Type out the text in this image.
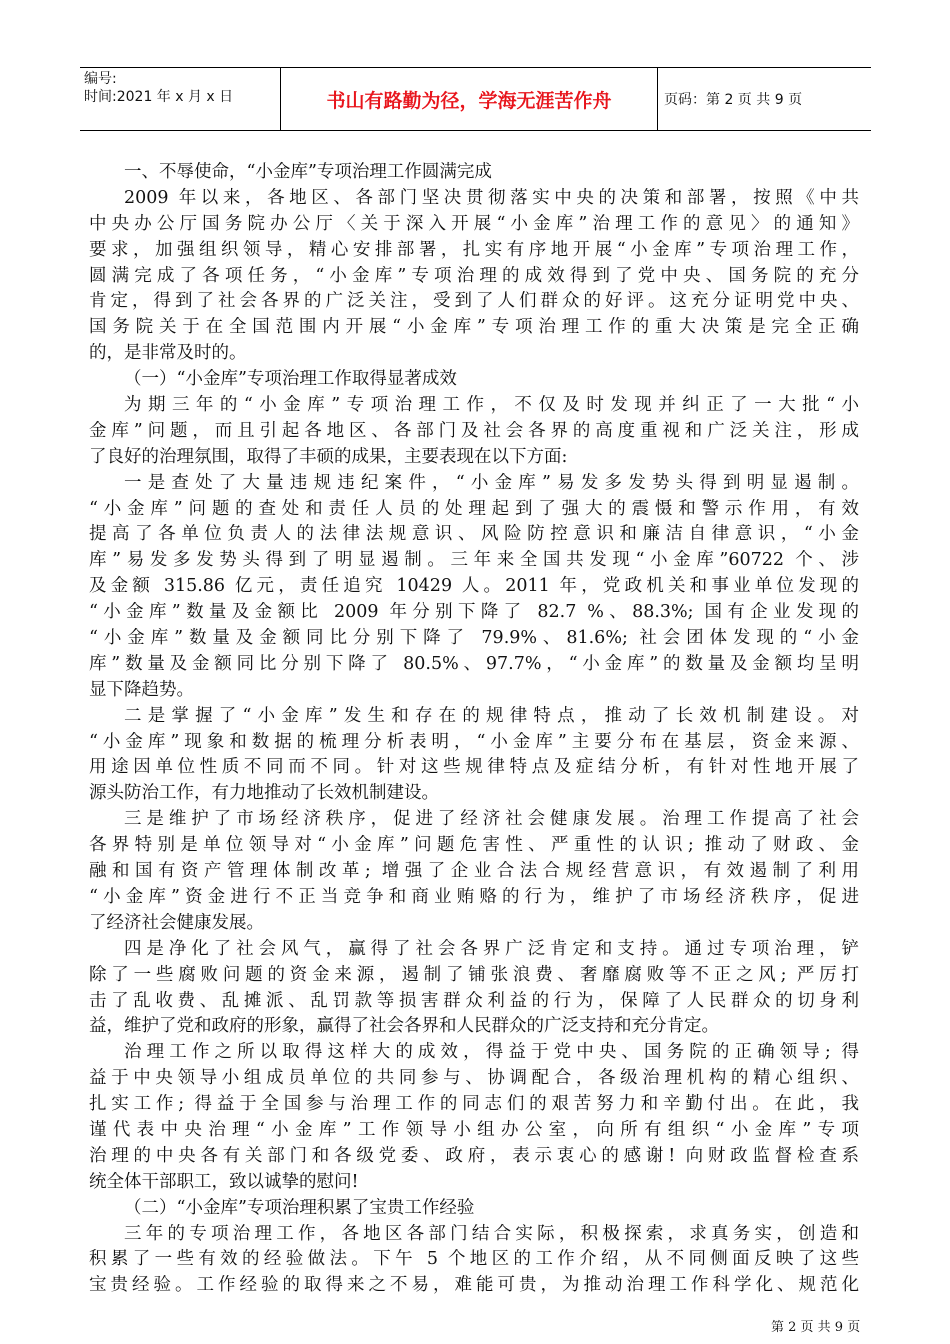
编号:
时间:2021 年 x 月 x 日	书山有路勤为径，学海无涯苦作舟	页码：第 2 页 共 9 页
一、不辱使命，“小金库”专项治理工作圆满完成
2009 年以来，各地区、各部门坚决贯彻落实中央的决策和部署，按照《中共
中央办公厅国务院办公厅〈关于深入开展“小金库”治理工作的意见〉的通知》
要求，加强组织领导，精心安排部署，扎实有序地开展“小金库”专项治理工作，
圆满完成了各项任务，“小金库”专项治理的成效得到了党中央、国务院的充分
肯定，得到了社会各界的广泛关注，受到了人们群众的好评。这充分证明党中央、
国务院关于在全国范围内开展“小金库”专项治理工作的重大决策是完全正确
的，是非常及时的。
（一）“小金库”专项治理工作取得显著成效
为期三年的“小金库”专项治理工作，不仅及时发现并纠正了一大批“小
金库”问题，而且引起各地区、各部门及社会各界的高度重视和广泛关注，形成
了良好的治理氛围，取得了丰硕的成果，主要表现在以下方面:
一是查处了大量违规违纪案件，“小金库”易发多发势头得到明显遏制。
“小金库”问题的查处和责任人员的处理起到了强大的震慑和警示作用，有效
提高了各单位负责人的法律法规意识、风险防控意识和廉洁自律意识，“小金
库”易发多发势头得到了明显遏制。三年来全国共发现“小金库”60722 个、涉
及金额 315.86 亿元，责任追究 10429 人。2011 年，党政机关和事业单位发现的
“小金库”数量及金额比 2009 年分别下降了 82.7 %、88.3%; 国有企业发现的
“小金库”数量及金额同比分别下降了 79.9%、81.6%; 社会团体发现的“小金
库”数量及金额同比分别下降了 80.5%、97.7%，“小金库”的数量及金额均呈明
显下降趋势。
二是掌握了“小金库”发生和存在的规律特点，推动了长效机制建设。对
“小金库”现象和数据的梳理分析表明，“小金库”主要分布在基层，资金来源、
用途因单位性质不同而不同。针对这些规律特点及症结分析，有针对性地开展了
源头防治工作，有力地推动了长效机制建设。
三是维护了市场经济秩序，促进了经济社会健康发展。治理工作提高了社会
各界特别是单位领导对“小金库”问题危害性、严重性的认识; 推动了财政、金
融和国有资产管理体制改革; 增强了企业合法合规经营意识，有效遏制了利用
“小金库”资金进行不正当竞争和商业贿赂的行为，维护了市场经济秩序，促进
了经济社会健康发展。
四是净化了社会风气，赢得了社会各界广泛肯定和支持。通过专项治理，铲
除了一些腐败问题的资金来源，遏制了铺张浪费、奢靡腐败等不正之风; 严厉打
击了乱收费、乱摊派、乱罚款等损害群众利益的行为，保障了人民群众的切身利
益，维护了党和政府的形象，赢得了社会各界和人民群众的广泛支持和充分肯定。
治理工作之所以取得这样大的成效，得益于党中央、国务院的正确领导; 得
益于中央领导小组成员单位的共同参与、协调配合，各级治理机构的精心组织、
扎实工作; 得益于全国参与治理工作的同志们的艰苦努力和辛勤付出。在此，我
谨代表中央治理“小金库”工作领导小组办公室，向所有组织“小金库”专项
治理的中央各有关部门和各级党委、政府，表示衷心的感谢! 向财政监督检查系
统全体干部职工，致以诚挚的慰问!
（二）“小金库”专项治理积累了宝贵工作经验
三年的专项治理工作，各地区各部门结合实际，积极探索，求真务实，创造和
积累了一些有效的经验做法。下午 5 个地区的工作介绍，从不同侧面反映了这些
宝贵经验。工作经验的取得来之不易，难能可贵，为推动治理工作科学化、规范化
第 2 页 共 9 页
